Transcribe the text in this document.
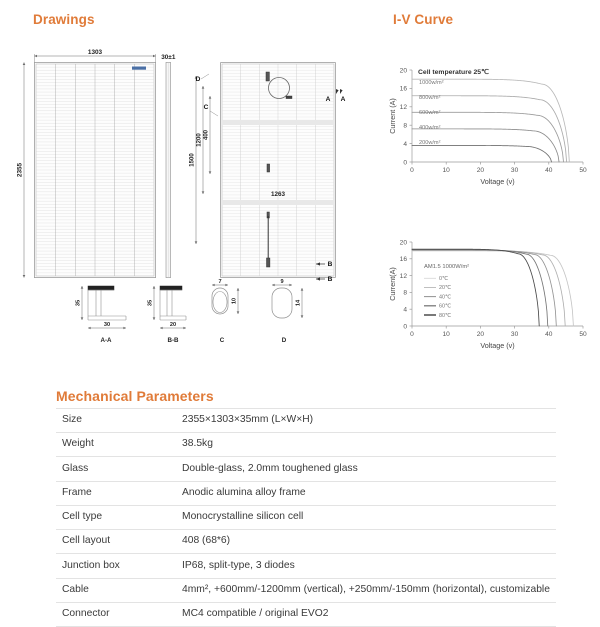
Drawings	I-V Curve
1303
2355
30±1
1263
1500
1200 400
D
C
A A
B
B
35
30
A-A
35
20
B-B
7
10
C
9
14
D
0	10	20	30	40	50
0
4
8
12
16
20
Voltage (v)
Current (A)
Cell temperature 25℃
1000w/m²
800w/m²
600w/m²
400w/m²
200w/m²
0	10	20	30	40	50
0
4
8
12
16
20
Voltage (v)
Current(A)
AM1.5 1000W/m²
0℃
20℃
40℃
60℃
80℃
Mechanical Parameters
Size	2355×1303×35mm (L×W×H)
Weight	38.5kg
Glass	Double-glass, 2.0mm toughened glass
Frame	Anodic alumina alloy frame
Cell type	Monocrystalline silicon cell
Cell layout	408 (68*6)
Junction box	IP68, split-type, 3 diodes
Cable	4mm², +600mm/-1200mm (vertical), +250mm/-150mm (horizontal), customizable
Connector	MC4 compatible / original EVO2
